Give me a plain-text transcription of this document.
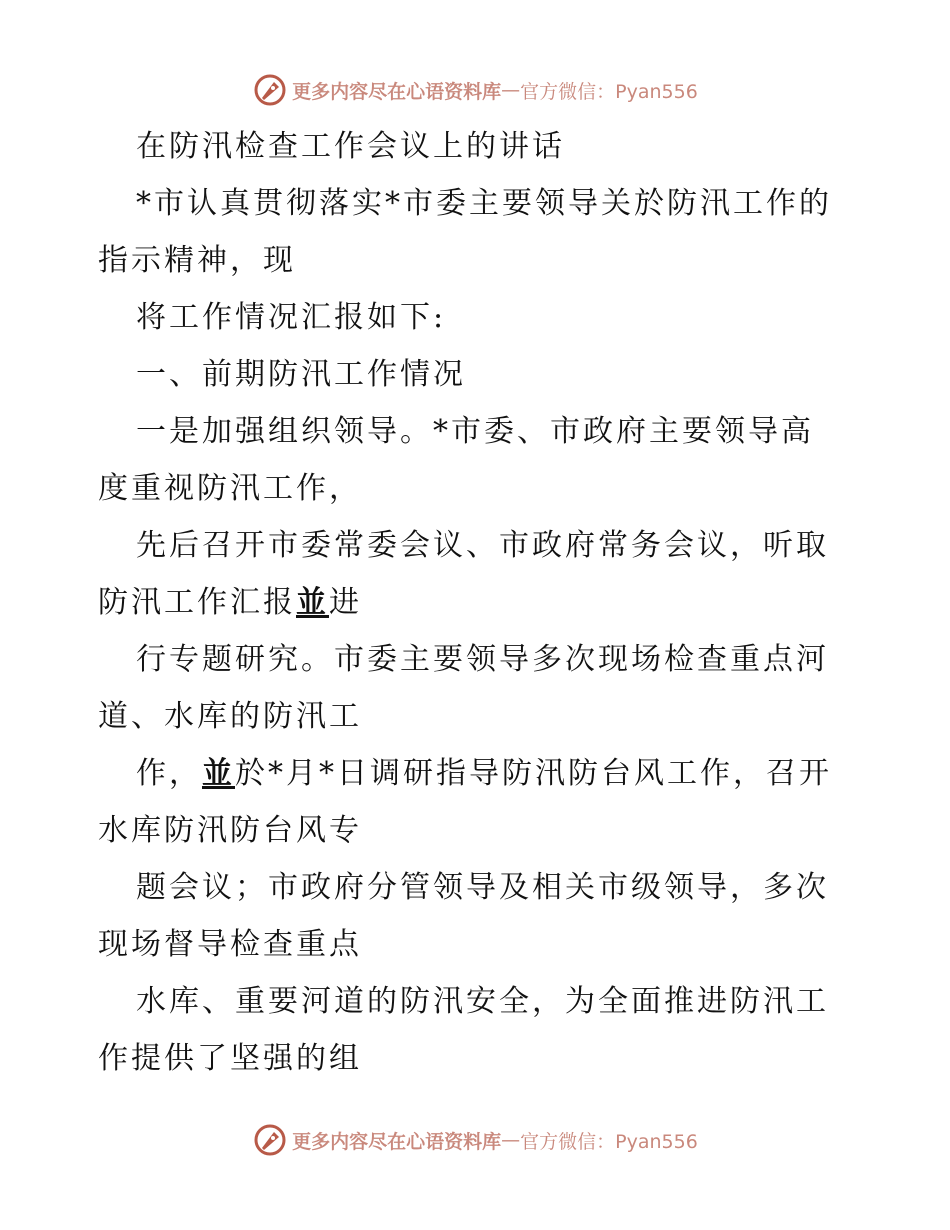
更多内容尽在心语资料库 — 官方微信：Pyan556
在防汛检查工作会议上的讲话
*市认真贯彻落实*市委主要领导关於防汛工作的
指示精神，现
将工作情况汇报如下:
一、前期防汛工作情况
一是加强组织领导。*市委、市政府主要领导高
度重视防汛工作，
先后召开市委常委会议、市政府常务会议，听取
防汛工作汇报並进
行专题研究。市委主要领导多次现场检查重点河
道、水库的防汛工
作，並於*月*日调研指导防汛防台风工作，召开
水库防汛防台风专
题会议；市政府分管领导及相关市级领导，多次
现场督导检查重点
水库、重要河道的防汛安全，为全面推进防汛工
作提供了坚强的组
更多内容尽在心语资料库 — 官方微信：Pyan556
